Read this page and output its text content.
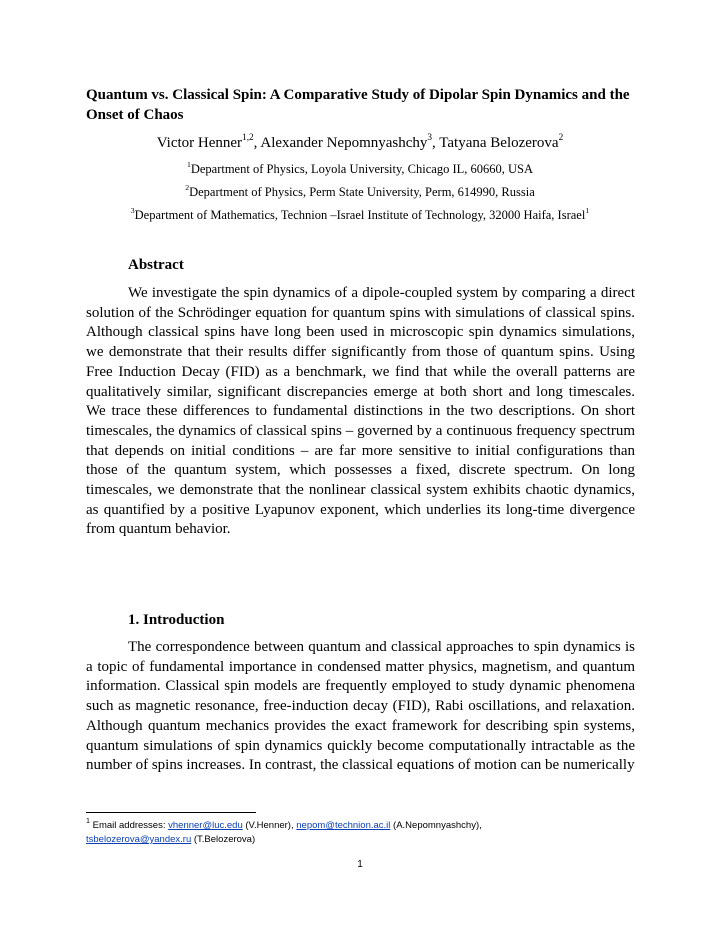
Quantum vs. Classical Spin: A Comparative Study of Dipolar Spin Dynamics and the Onset of Chaos
Victor Henner$^{1,2}$, Alexander Nepomnyashchy$^3$, Tatyana Belozerova$^2$
$^1$Department of Physics, Loyola University, Chicago IL, 60660, USA
$^2$Department of Physics, Perm State University, Perm, 614990, Russia
$^3$Department of Mathematics, Technion –Israel Institute of Technology, 32000 Haifa, Israel$^1$
Abstract
We investigate the spin dynamics of a dipole-coupled system by comparing a direct solution of the Schrödinger equation for quantum spins with simulations of classical spins. Although classical spins have long been used in microscopic spin dynamics simulations, we demonstrate that their results differ significantly from those of quantum spins. Using Free Induction Decay (FID) as a benchmark, we find that while the overall patterns are qualitatively similar, significant discrepancies emerge at both short and long timescales. We trace these differences to fundamental distinctions in the two descriptions. On short timescales, the dynamics of classical spins – governed by a continuous frequency spectrum that depends on initial conditions – are far more sensitive to initial configurations than those of the quantum system, which possesses a fixed, discrete spectrum. On long timescales, we demonstrate that the nonlinear classical system exhibits chaotic dynamics, as quantified by a positive Lyapunov exponent, which underlies its long-time divergence from quantum behavior.
1. Introduction
The correspondence between quantum and classical approaches to spin dynamics is a topic of fundamental importance in condensed matter physics, magnetism, and quantum information. Classical spin models are frequently employed to study dynamic phenomena such as magnetic resonance, free-induction decay (FID), Rabi oscillations, and relaxation. Although quantum mechanics provides the exact framework for describing spin systems, quantum simulations of spin dynamics quickly become computationally intractable as the number of spins increases. In contrast, the classical equations of motion can be numerically
$^1$ Email addresses: vhenner@luc.edu (V.Henner), nepom@technion.ac.il (A.Nepomnyashchy),
tsbelozerova@yandex.ru (T.Belozerova)
1
